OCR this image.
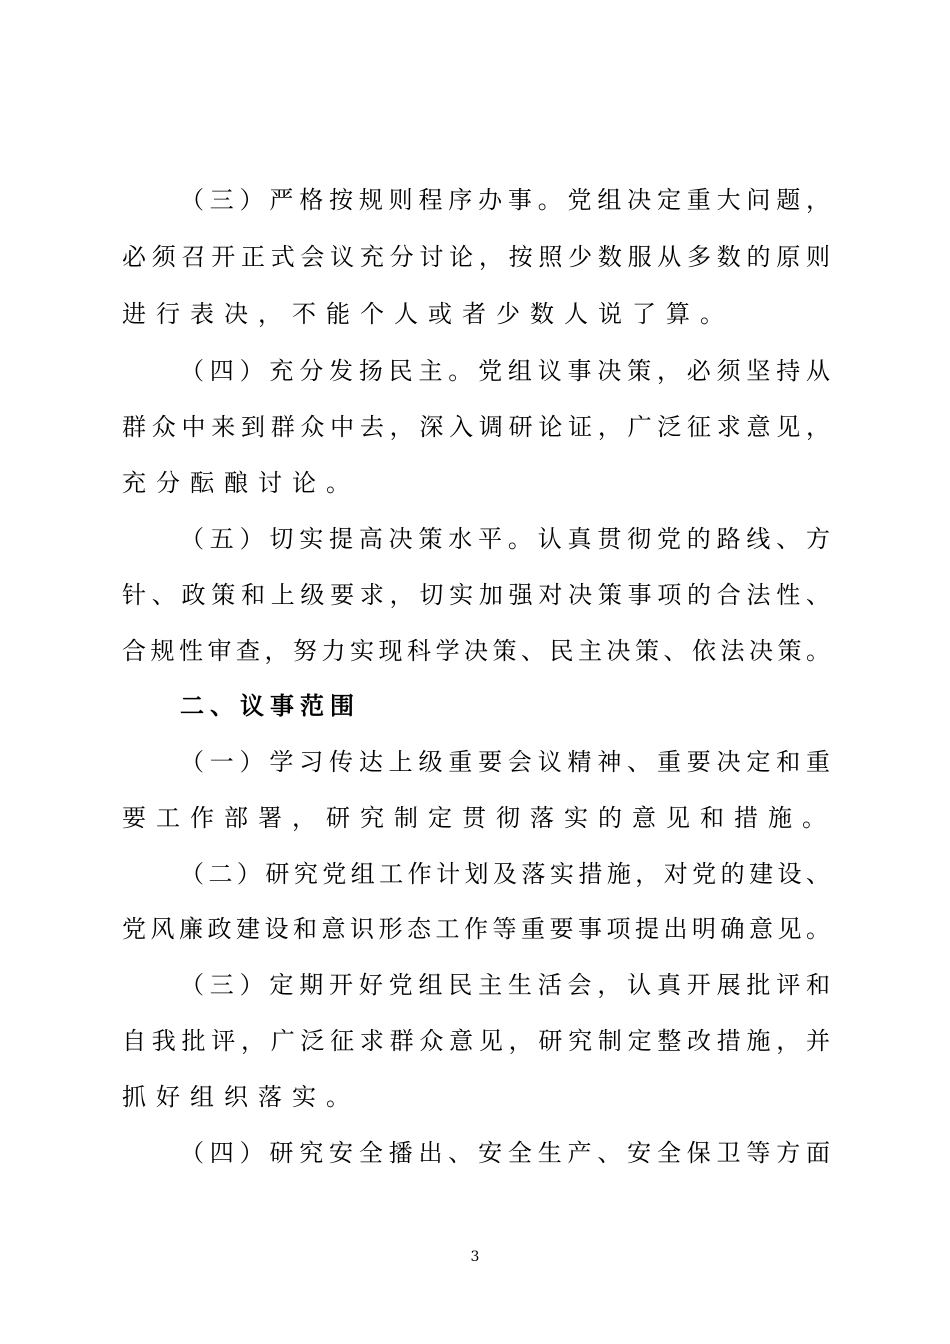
（三）严格按规则程序办事。党组决定重大问题，
必须召开正式会议充分讨论，按照少数服从多数的原则
进行表决，不能个人或者少数人说了算。
（四）充分发扬民主。党组议事决策，必须坚持从
群众中来到群众中去，深入调研论证，广泛征求意见，
充分酝酿讨论。
（五）切实提高决策水平。认真贯彻党的路线、方
针、政策和上级要求，切实加强对决策事项的合法性、
合规性审查，努力实现科学决策、民主决策、依法决策。
二、议事范围
（一）学习传达上级重要会议精神、重要决定和重
要工作部署，研究制定贯彻落实的意见和措施。
（二）研究党组工作计划及落实措施，对党的建设、
党风廉政建设和意识形态工作等重要事项提出明确意见。
（三）定期开好党组民主生活会，认真开展批评和
自我批评，广泛征求群众意见，研究制定整改措施，并
抓好组织落实。
（四）研究安全播出、安全生产、安全保卫等方面
3
